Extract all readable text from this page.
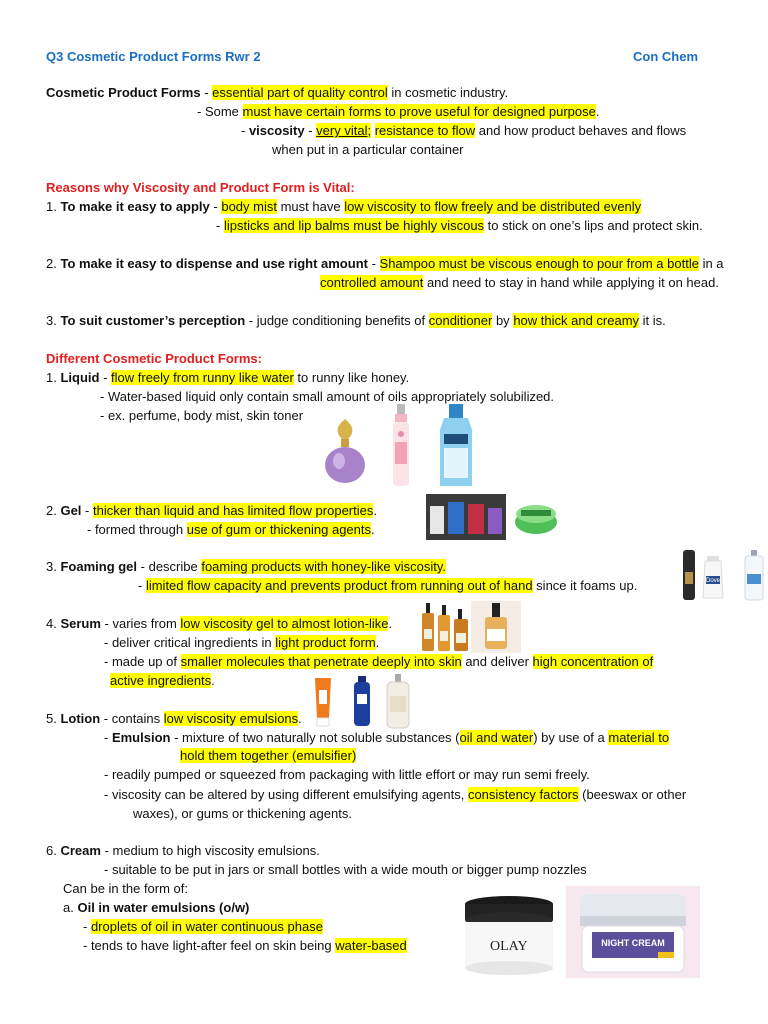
Q3 Cosmetic Product Forms Rwr 2	Con Chem
Cosmetic Product Forms - essential part of quality control in cosmetic industry.
- Some must have certain forms to prove useful for designed purpose.
- viscosity - very vital; resistance to flow and how product behaves and flows
when put in a particular container
Reasons why Viscosity and Product Form is Vital:
1. To make it easy to apply - body mist must have low viscosity to flow freely and be distributed evenly
- lipsticks and lip balms must be highly viscous to stick on one’s lips and protect skin.
2. To make it easy to dispense and use right amount - Shampoo must be viscous enough to pour from a bottle in a
controlled amount and need to stay in hand while applying it on head.
3. To suit customer’s perception - judge conditioning benefits of conditioner by how thick and creamy it is.
Different Cosmetic Product Forms:
1. Liquid - flow freely from runny like water to runny like honey.
- Water-based liquid only contain small amount of oils appropriately solubilized.
- ex. perfume, body mist, skin toner
2. Gel - thicker than liquid and has limited flow properties.
- formed through use of gum or thickening agents.
3. Foaming gel - describe foaming products with honey-like viscosity.
- limited flow capacity and prevents product from running out of hand since it foams up.	Dove
4. Serum - varies from low viscosity gel to almost lotion-like.
- deliver critical ingredients in light product form.
- made up of smaller molecules that penetrate deeply into skin and deliver high concentration of
active ingredients.
5. Lotion - contains low viscosity emulsions.
- Emulsion - mixture of two naturally not soluble substances (oil and water) by use of a material to
hold them together (emulsifier)
- readily pumped or squeezed from packaging with little effort or may run semi freely.
- viscosity can be altered by using different emulsifying agents, consistency factors (beeswax or other
waxes), or gums or thickening agents.
6. Cream - medium to high viscosity emulsions.
- suitable to be put in jars or small bottles with a wide mouth or bigger pump nozzles
Can be in the form of:
a. Oil in water emulsions (o/w)
- droplets of oil in water continuous phase
- tends to have light-after feel on skin being water-based	OLAY	NIGHT CREAM
